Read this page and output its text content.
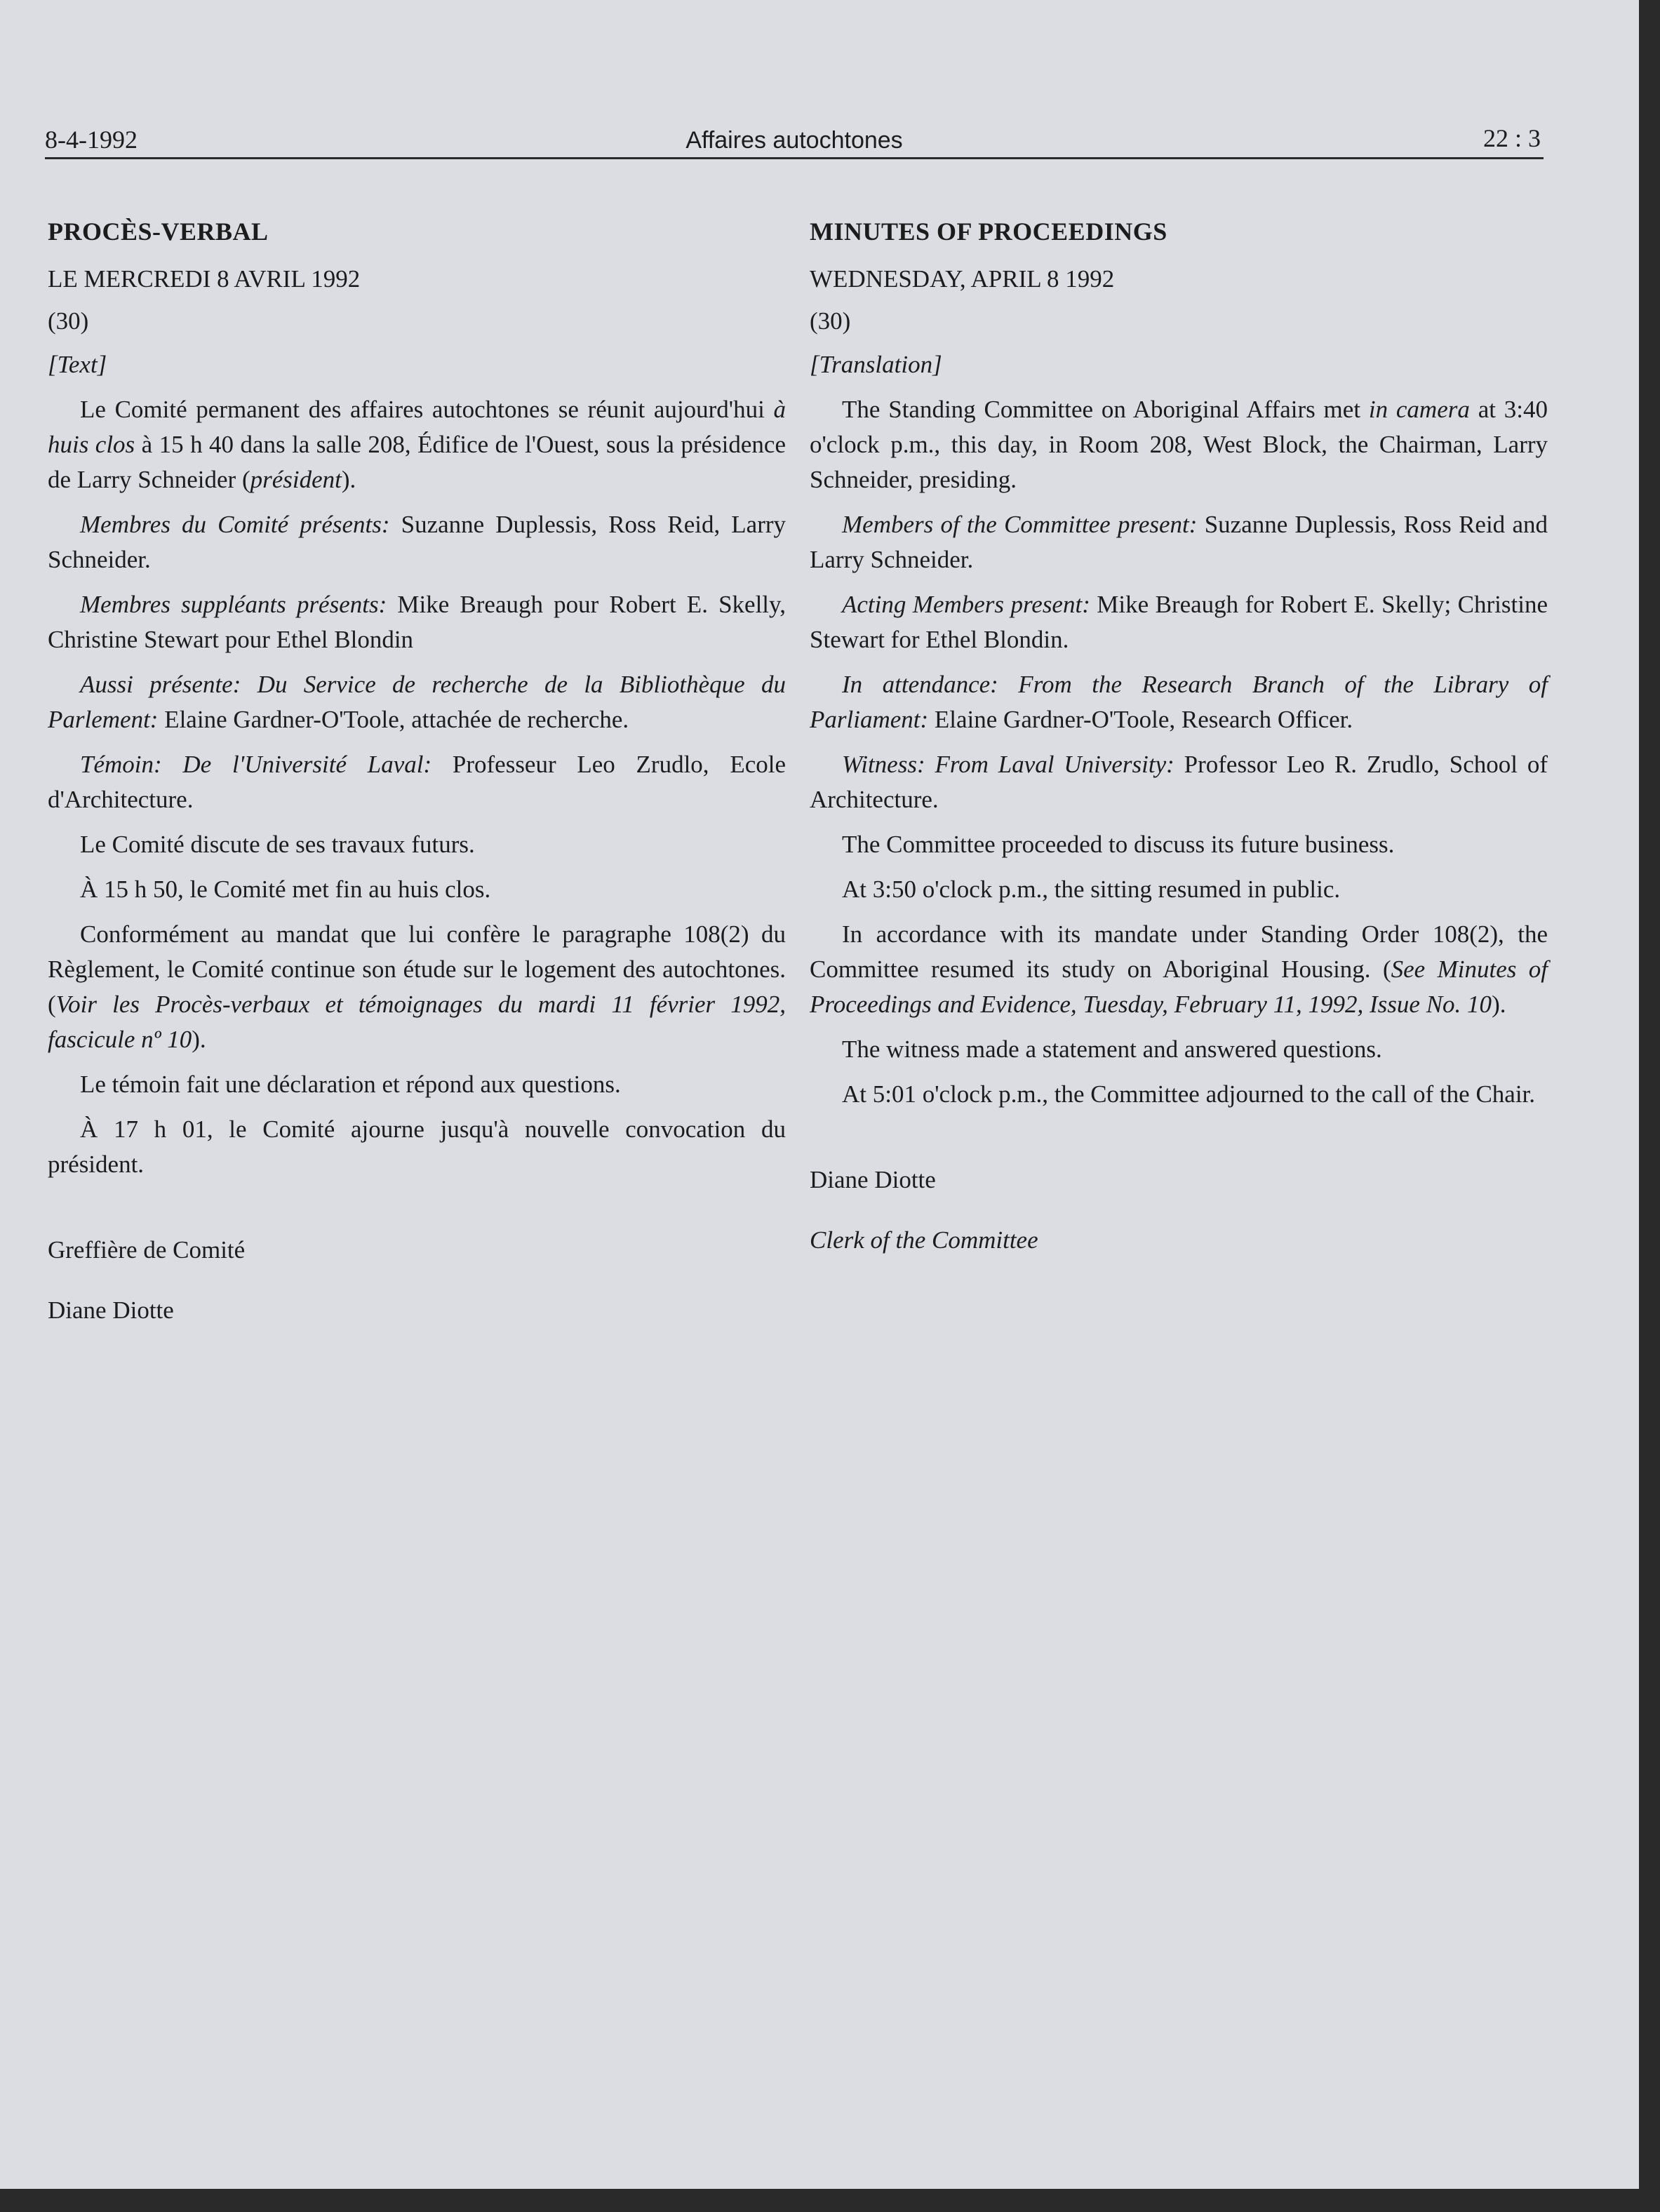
8-4-1992	Affaires autochtones	22 : 3
PROCÈS-VERBAL

LE MERCREDI 8 AVRIL 1992

(30)

[Text]

Le Comité permanent des affaires autochtones se réunit aujourd'hui à huis clos à 15 h 40 dans la salle 208, Édifice de l'Ouest, sous la présidence de Larry Schneider (président).

Membres du Comité présents: Suzanne Duplessis, Ross Reid, Larry Schneider.

Membres suppléants présents: Mike Breaugh pour Robert E. Skelly, Christine Stewart pour Ethel Blondin

Aussi présente: Du Service de recherche de la Bibliothèque du Parlement: Elaine Gardner-O'Toole, attachée de recherche.

Témoin: De l'Université Laval: Professeur Leo Zrudlo, Ecole d'Architecture.

Le Comité discute de ses travaux futurs.

À 15 h 50, le Comité met fin au huis clos.

Conformément au mandat que lui confère le paragraphe 108(2) du Règlement, le Comité continue son étude sur le logement des autochtones. (Voir les Procès-verbaux et témoignages du mardi 11 février 1992, fascicule nº 10).

Le témoin fait une déclaration et répond aux questions.

À 17 h 01, le Comité ajourne jusqu'à nouvelle convocation du président.

Greffière de Comité

Diane Diotte

MINUTES OF PROCEEDINGS

WEDNESDAY, APRIL 8 1992

(30)

[Translation]

The Standing Committee on Aboriginal Affairs met in camera at 3:40 o'clock p.m., this day, in Room 208, West Block, the Chairman, Larry Schneider, presiding.

Members of the Committee present: Suzanne Duplessis, Ross Reid and Larry Schneider.

Acting Members present: Mike Breaugh for Robert E. Skelly; Christine Stewart for Ethel Blondin.

In attendance: From the Research Branch of the Library of Parliament: Elaine Gardner-O'Toole, Research Officer.

Witness: From Laval University: Professor Leo R. Zrudlo, School of Architecture.

The Committee proceeded to discuss its future business.

At 3:50 o'clock p.m., the sitting resumed in public.

In accordance with its mandate under Standing Order 108(2), the Committee resumed its study on Aboriginal Housing. (See Minutes of Proceedings and Evidence, Tuesday, February 11, 1992, Issue No. 10).

The witness made a statement and answered questions.

At 5:01 o'clock p.m., the Committee adjourned to the call of the Chair.

Diane Diotte

Clerk of the Committee
